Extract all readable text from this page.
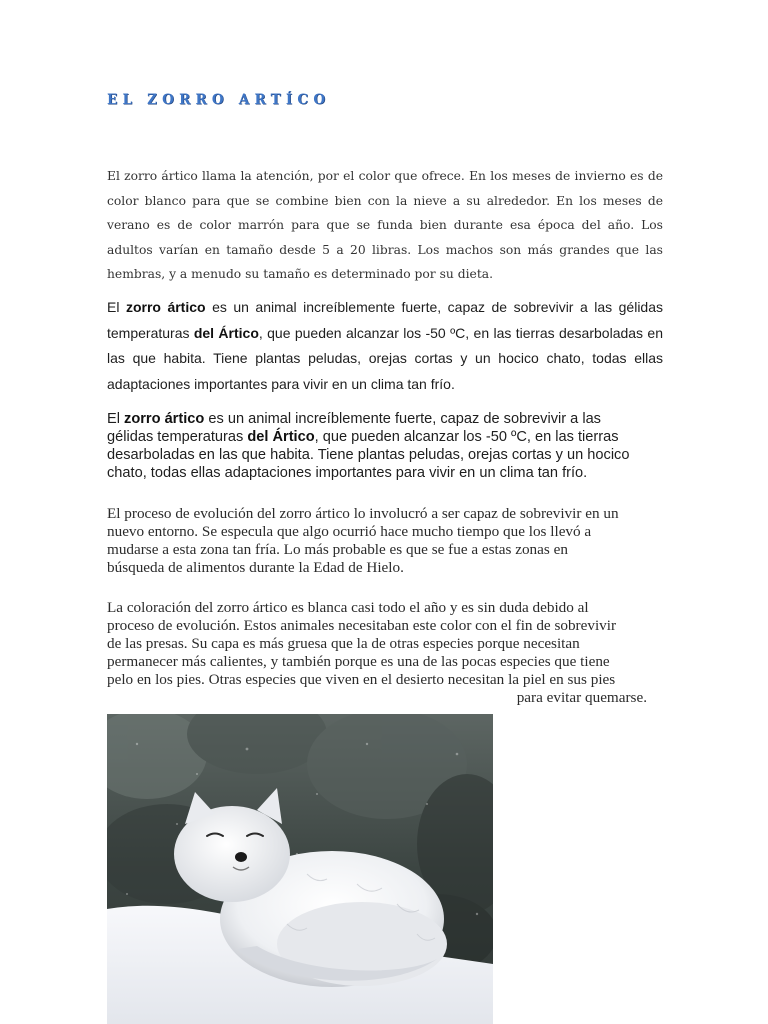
EL ZORRO ARTÍCO

El zorro ártico llama la atención, por el color que ofrece. En los meses de invierno es de color blanco para que se combine bien con la nieve a su alrededor. En los meses de verano es de color marrón para que se funda bien durante esa época del año. Los adultos varían en tamaño desde 5 a 20 libras. Los machos son más grandes que las hembras, y a menudo su tamaño es determinado por su dieta.

El zorro ártico es un animal increíblemente fuerte, capaz de sobrevivir a las gélidas temperaturas del Ártico, que pueden alcanzar los -50 ºC, en las tierras desarboladas en las que habita. Tiene plantas peludas, orejas cortas y un hocico chato, todas ellas adaptaciones importantes para vivir en un clima tan frío.

El zorro ártico es un animal increíblemente fuerte, capaz de sobrevivir a las
gélidas temperaturas del Ártico, que pueden alcanzar los -50 ºC, en las tierras
desarboladas en las que habita. Tiene plantas peludas, orejas cortas y un hocico
chato, todas ellas adaptaciones importantes para vivir en un clima tan frío.

El proceso de evolución del zorro ártico lo involucró a ser capaz de sobrevivir en un
nuevo entorno. Se especula que algo ocurrió hace mucho tiempo que los llevó a
mudarse a esta zona tan fría. Lo más probable es que se fue a estas zonas en
búsqueda de alimentos durante la Edad de Hielo.

La coloración del zorro ártico es blanca casi todo el año y es sin duda debido al
proceso de evolución. Estos animales necesitaban este color con el fin de sobrevivir
de las presas. Su capa es más gruesa que la de otras especies porque necesitan
permanecer más calientes, y también porque es una de las pocas especies que tiene
pelo en los pies. Otras especies que viven en el desierto necesitan la piel en sus pies
para evitar quemarse.
